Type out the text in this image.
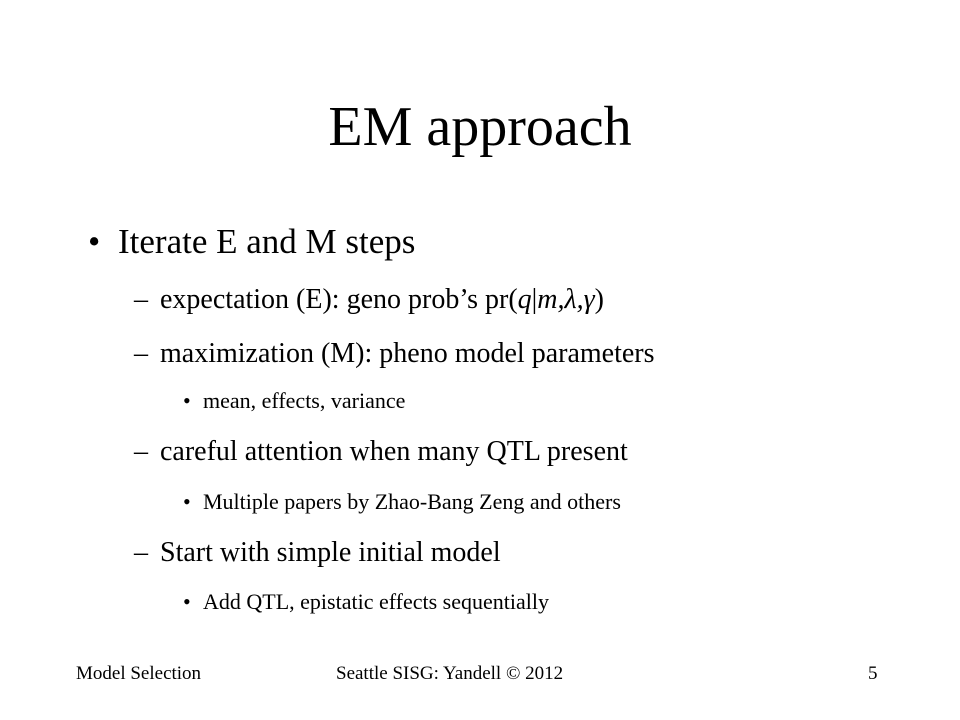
EM approach
• Iterate E and M steps
– expectation (E): geno prob’s pr(q|m,λ,γ)
– maximization (M): pheno model parameters
• mean, effects, variance
– careful attention when many QTL present
• Multiple papers by Zhao-Bang Zeng and others
– Start with simple initial model
• Add QTL, epistatic effects sequentially
Model Selection	Seattle SISG: Yandell © 2012	5
